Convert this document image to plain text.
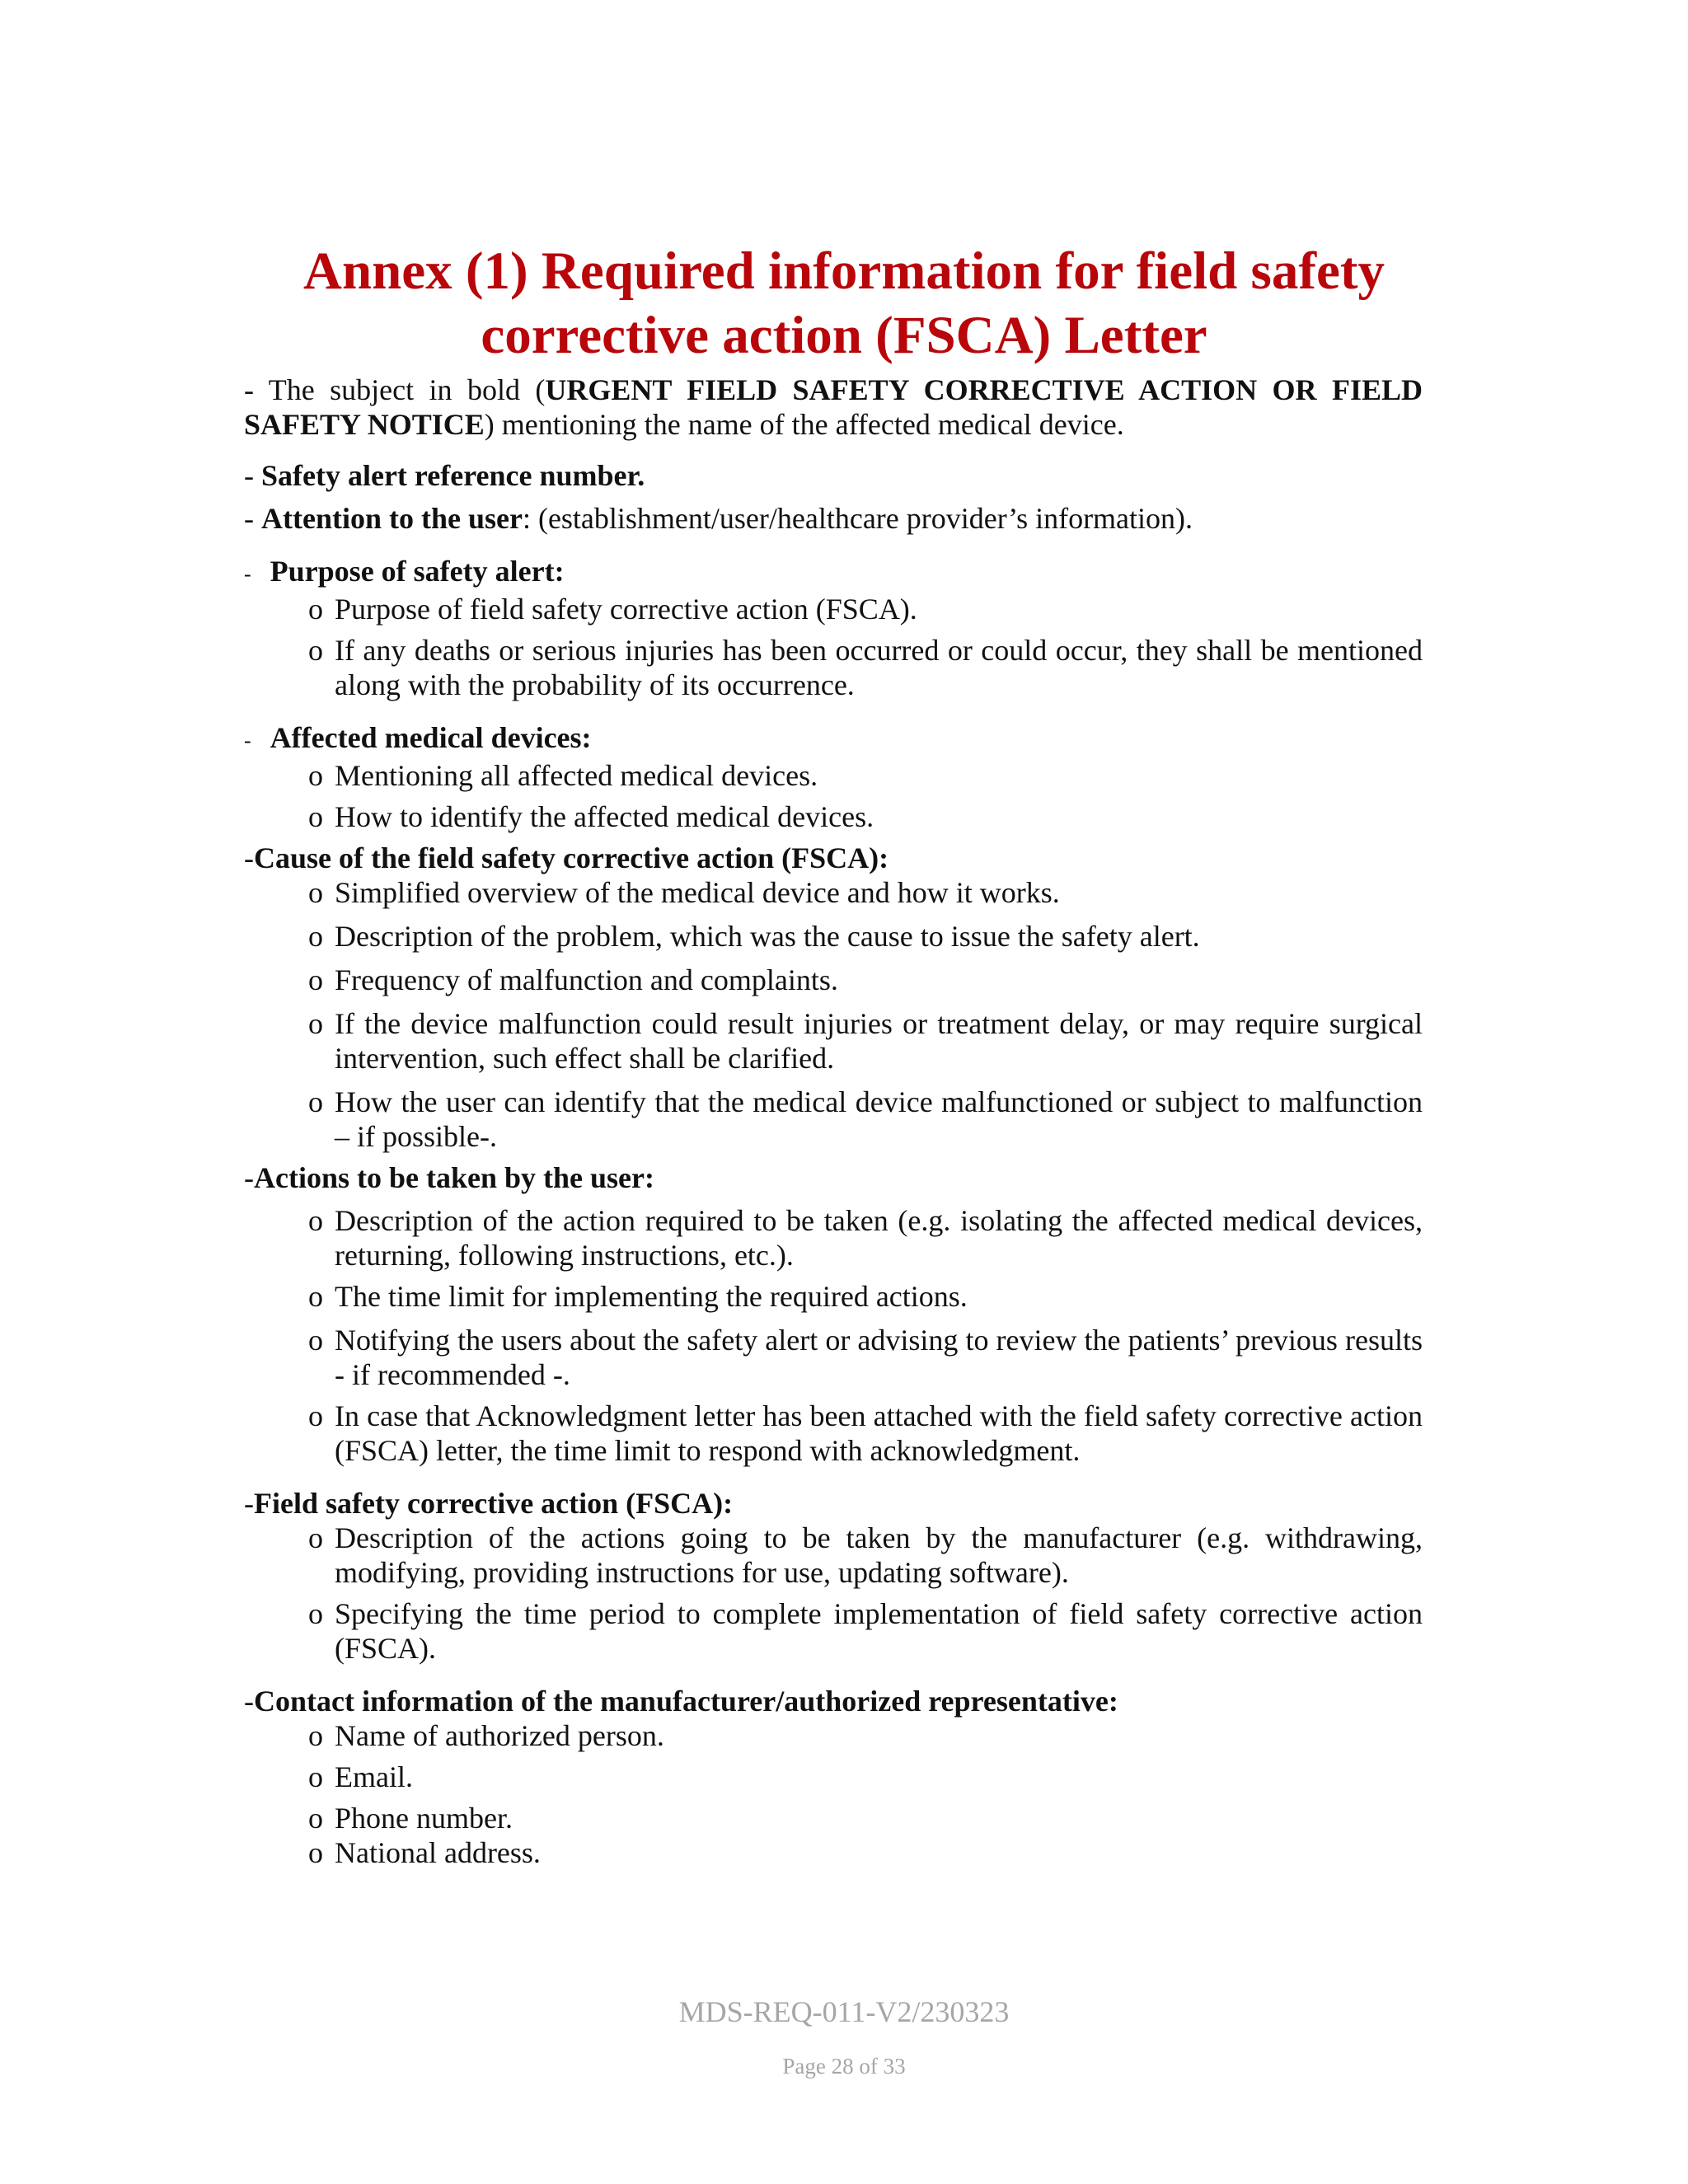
Annex (1) Required information for field safety
corrective action (FSCA) Letter
- The subject in bold (URGENT FIELD SAFETY CORRECTIVE ACTION OR FIELD SAFETY NOTICE) mentioning the name of the affected medical device.
- Safety alert reference number.
- Attention to the user: (establishment/user/healthcare provider’s information).
- Purpose of safety alert:
o Purpose of field safety corrective action (FSCA).
o If any deaths or serious injuries has been occurred or could occur, they shall be mentioned along with the probability of its occurrence.
- Affected medical devices:
o Mentioning all affected medical devices.
o How to identify the affected medical devices.
-Cause of the field safety corrective action (FSCA):
o Simplified overview of the medical device and how it works.
o Description of the problem, which was the cause to issue the safety alert.
o Frequency of malfunction and complaints.
o If the device malfunction could result injuries or treatment delay, or may require surgical intervention, such effect shall be clarified.
o How the user can identify that the medical device malfunctioned or subject to malfunction – if possible-.
-Actions to be taken by the user:
o Description of the action required to be taken (e.g. isolating the affected medical devices, returning, following instructions, etc.).
o The time limit for implementing the required actions.
o Notifying the users about the safety alert or advising to review the patients’ previous results - if recommended -.
o In case that Acknowledgment letter has been attached with the field safety corrective action (FSCA) letter, the time limit to respond with acknowledgment.
-Field safety corrective action (FSCA):
o Description of the actions going to be taken by the manufacturer (e.g. withdrawing, modifying, providing instructions for use, updating software).
o Specifying the time period to complete implementation of field safety corrective action (FSCA).
-Contact information of the manufacturer/authorized representative:
o Name of authorized person.
o Email.
o Phone number.
o National address.
MDS-REQ-011-V2/230323
Page 28 of 33
